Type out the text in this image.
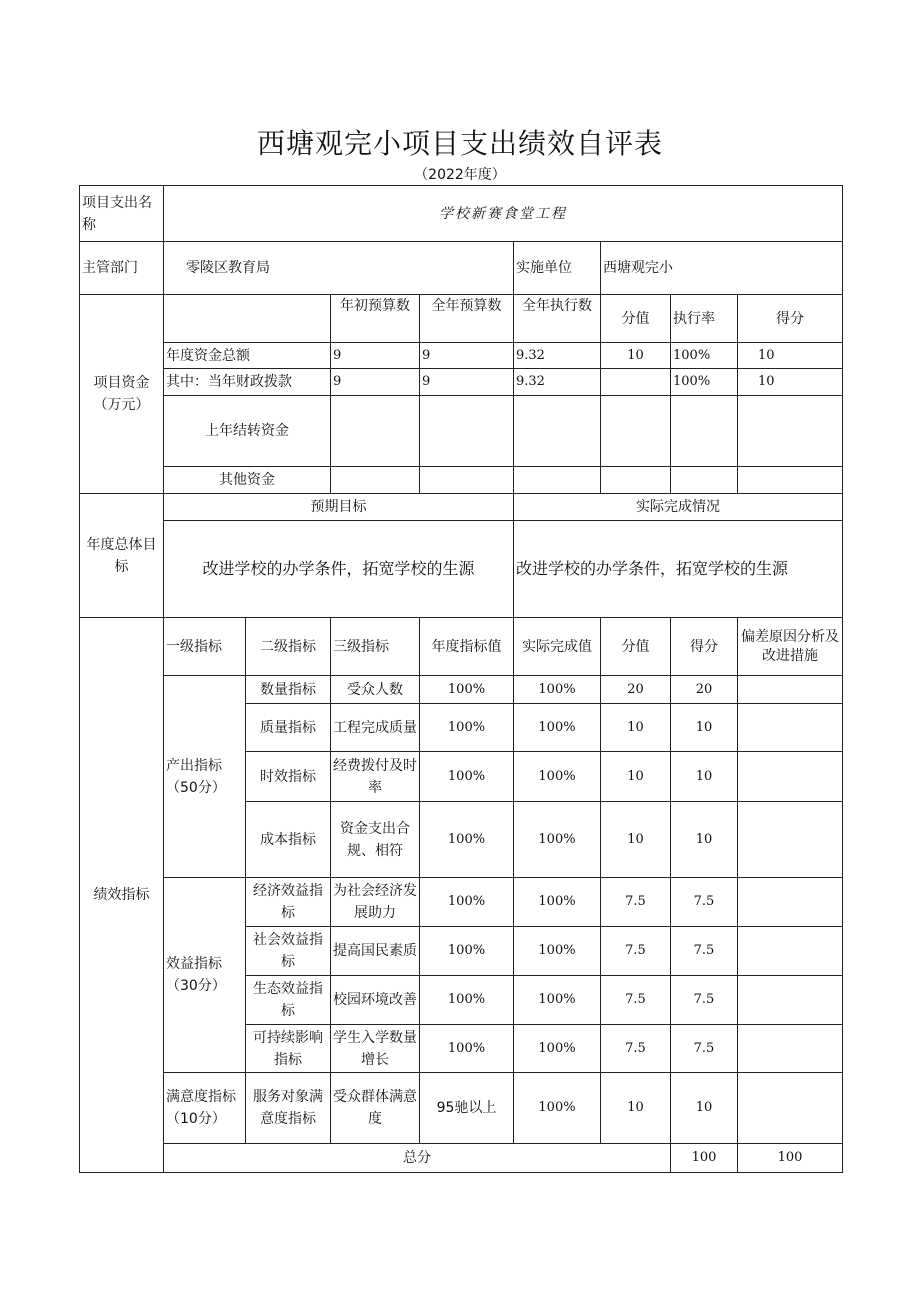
西塘观完小项目支出绩效自评表
（2022年度）
项目支出名称	学校新赛食堂工程								
主管部门	零陵区教育局				实施单位	西塘观完小			
项目资金（万元）			年初预算数	全年预算数	全年执行数	分值	执行率	得分	
	年度资金总额		9	9	9.32	10	100%	10	
	其中：当年财政拨款		9	9	9.32		100%	10	
	上年结转资金								
	其他资金								
年度总体目标	预期目标				实际完成情况				
	改进学校的办学条件，拓宽学校的生源				改进学校的办学条件，拓宽学校的生源				
绩效指标	一级指标	二级指标	三级指标	年度指标值	实际完成值	分值	得分	偏差原因分析及改进措施	
	产出指标（50分）	数量指标	受众人数	100%	100%	20	20		
		质量指标	工程完成质量	100%	100%	10	10		
		时效指标	经费拨付及时率	100%	100%	10	10		
		成本指标	资金支出合规、相符	100%	100%	10	10		
	效益指标（30分）	经济效益指标	为社会经济发展助力	100%	100%	7.5	7.5		
		社会效益指标	提高国民素质	100%	100%	7.5	7.5		
		生态效益指标	校园环境改善	100%	100%	7.5	7.5		
		可持续影响指标	学生入学数量增长	100%	100%	7.5	7.5		
	满意度指标（10分）	服务对象满意度指标	受众群体满意度	95驰以上	100%	10	10		
	总分						100	100	
